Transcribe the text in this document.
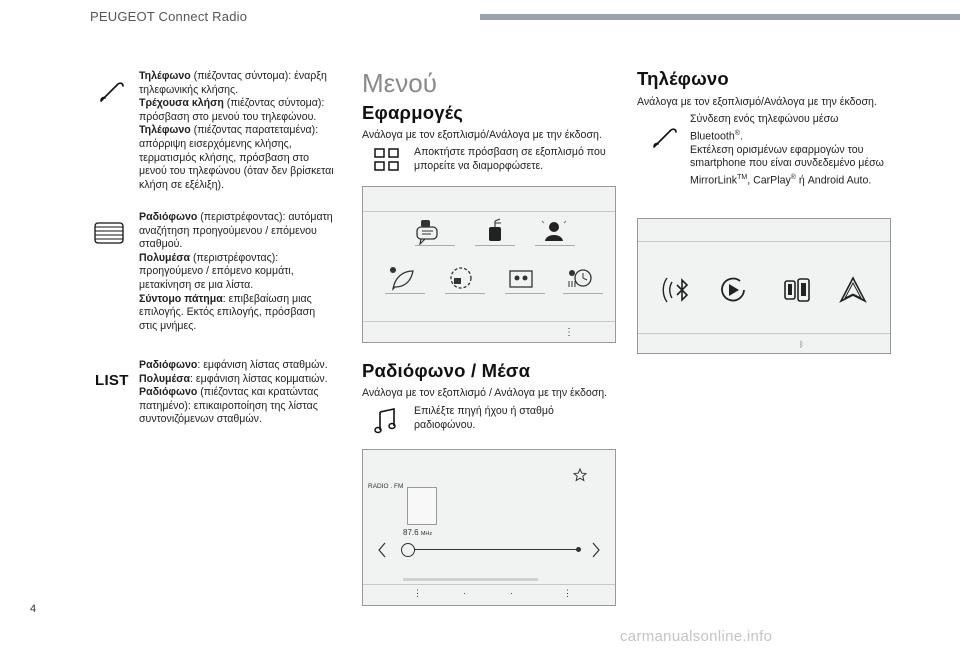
PEUGEOT Connect Radio
Τηλέφωνο (πιέζοντας σύντομα): έναρξη
τηλεφωνικής κλήσης.
Τρέχουσα κλήση (πιέζοντας σύντομα):
πρόσβαση στο μενού του τηλεφώνου.
Τηλέφωνο (πιέζοντας παρατεταμένα):
απόρριψη εισερχόμενης κλήσης,
τερματισμός κλήσης, πρόσβαση στο
μενού του τηλεφώνου (όταν δεν βρίσκεται
κλήση σε εξέλιξη).
Ραδιόφωνο (περιστρέφοντας): αυτόματη
αναζήτηση προηγούμενου / επόμενου
σταθμού.
Πολυμέσα (περιστρέφοντας):
προηγούμενο / επόμενο κομμάτι,
μετακίνηση σε μια λίστα.
Σύντομο πάτημα: επιβεβαίωση μιας
επιλογής. Εκτός επιλογής, πρόσβαση
στις μνήμες.
LIST
Ραδιόφωνο: εμφάνιση λίστας σταθμών.
Πολυμέσα: εμφάνιση λίστας κομματιών.
Ραδιόφωνο (πιέζοντας και κρατώντας
πατημένο): επικαιροποίηση της λίστας
συντονιζόμενων σταθμών.
Μενού
Εφαρμογές
Ανάλογα με τον εξοπλισμό/Ανάλογα με την έκδοση.
Αποκτήστε πρόσβαση σε εξοπλισμό που
μπορείτε να διαμορφώσετε.
⋮
Ραδιόφωνο / Μέσα
Ανάλογα με τον εξοπλισμό / Ανάλογα με την έκδοση.
Επιλέξτε πηγή ήχου ή σταθμό
ραδιοφώνου.
RADIO . FM
87.6 MHz
⋮	·	·	⋮
Τηλέφωνο
Ανάλογα με τον εξοπλισμό/Ανάλογα με την έκδοση.
Σύνδεση ενός τηλεφώνου μέσω
Bluetooth®.
Εκτέλεση ορισμένων εφαρμογών του
smartphone που είναι συνδεδεμένο μέσω
MirrorLink™, CarPlay® ή Android Auto.
ᛒ
4
carmanualsonline.info
